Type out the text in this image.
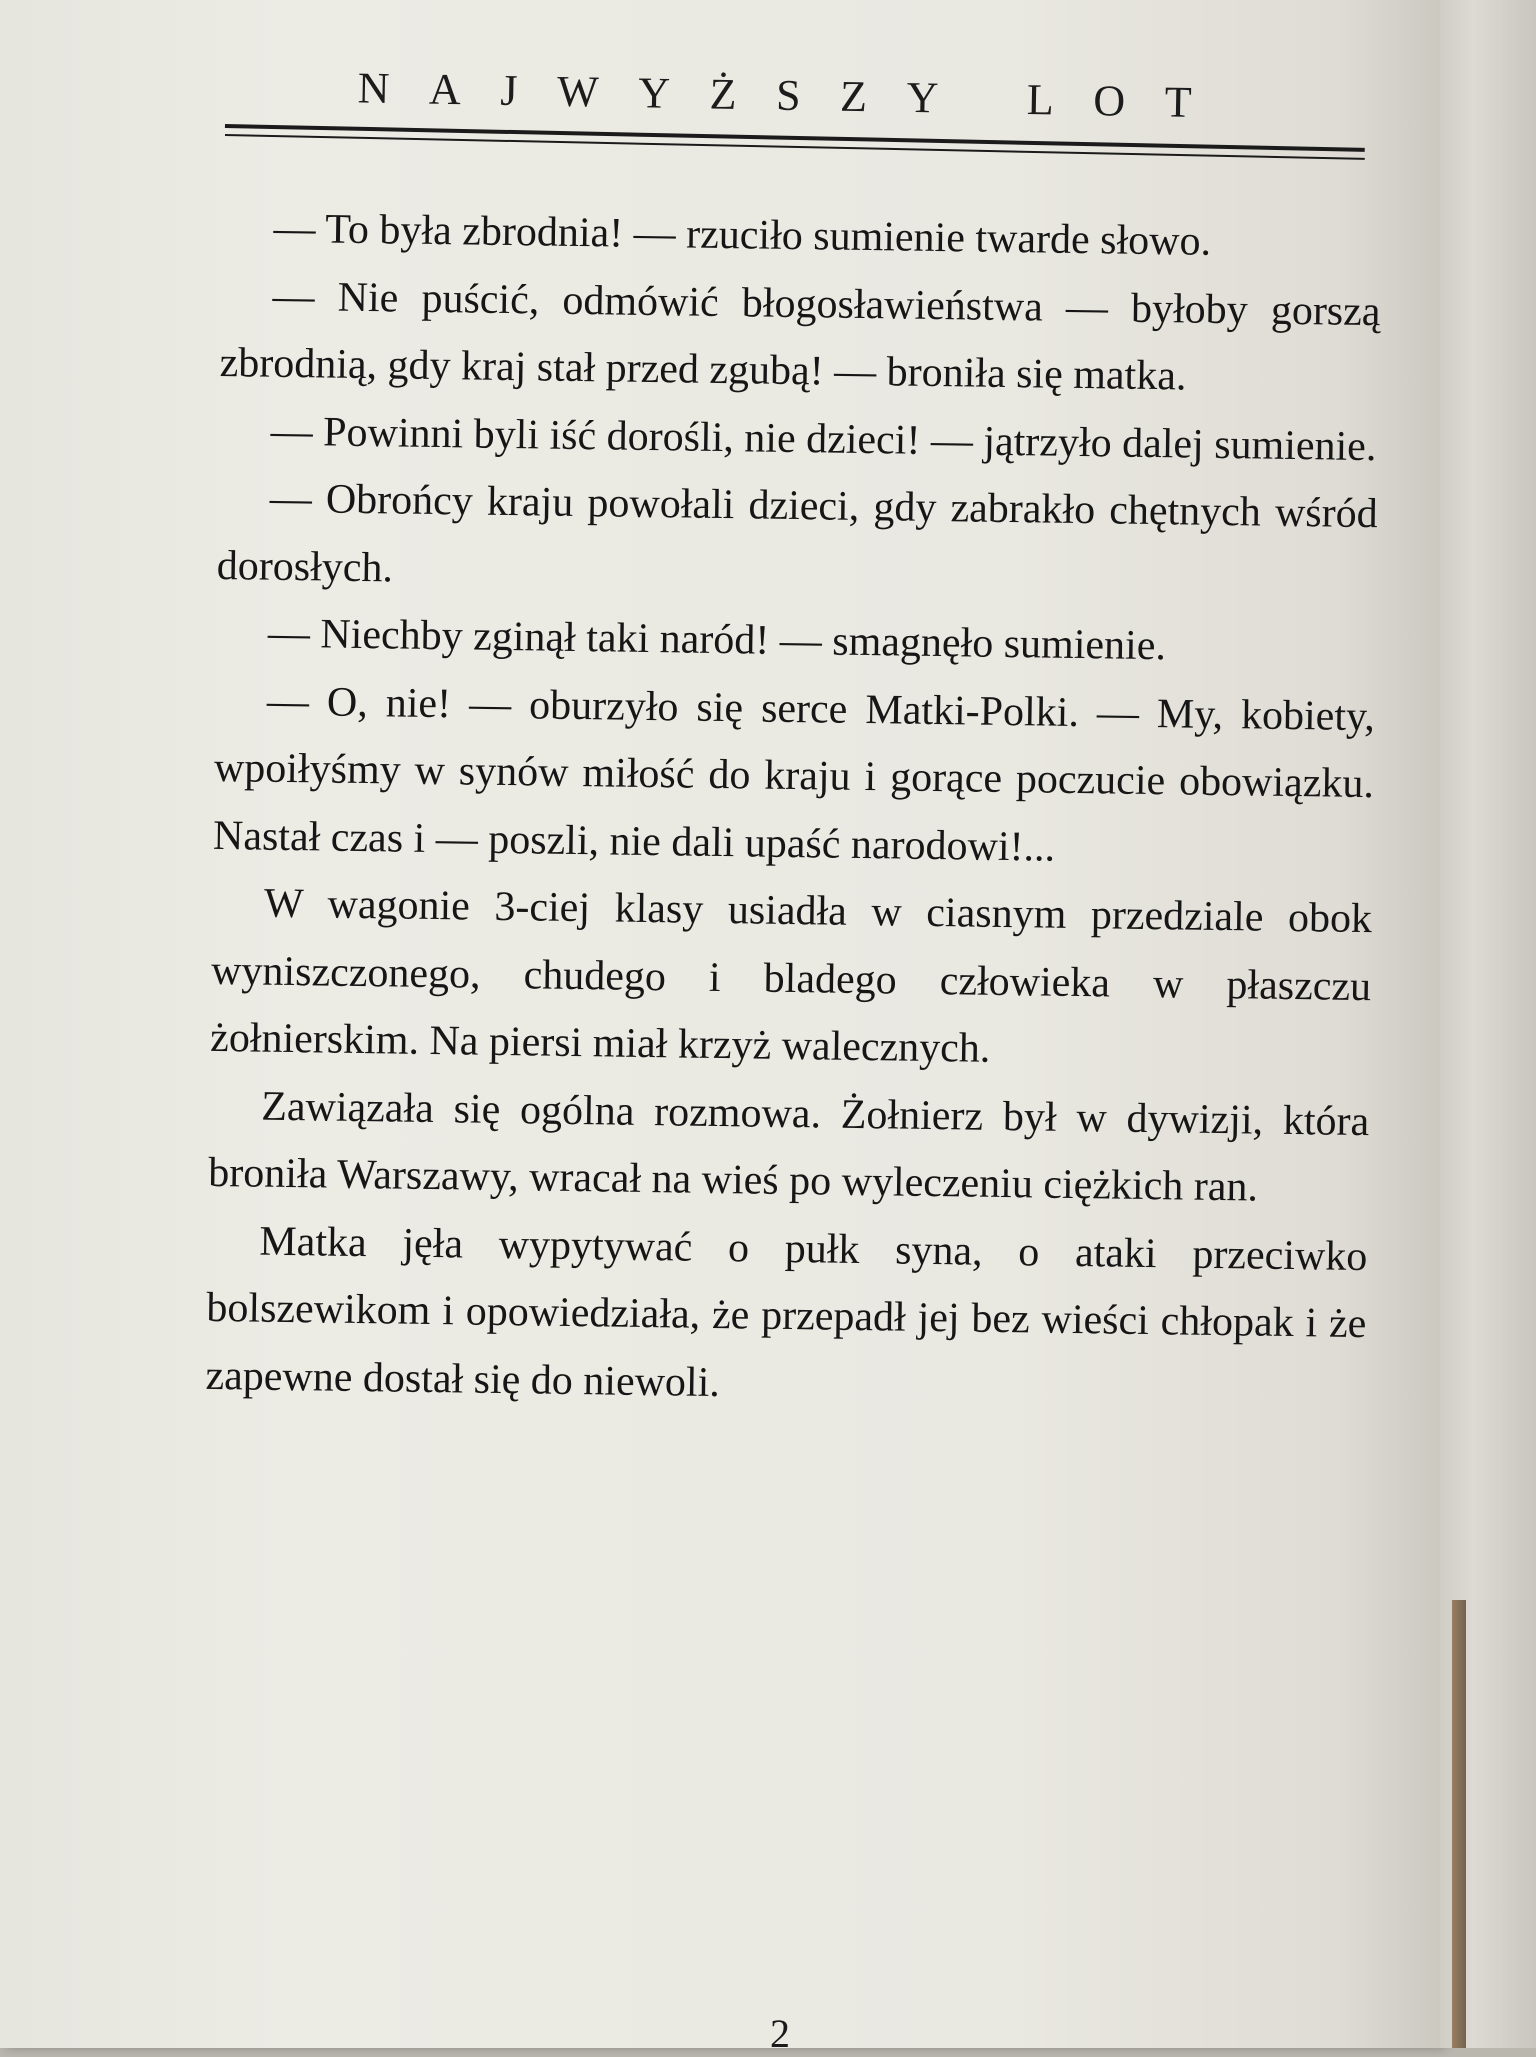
NAJWYŻSZY LOT

— To była zbrodnia! — rzuciło sumienie twarde słowo.

— Nie puścić, odmówić błogosławieństwa — byłoby gorszą zbrodnią, gdy kraj stał przed zgubą! — broniła się matka.

— Powinni byli iść dorośli, nie dzieci! — jątrzyło dalej sumienie.

— Obrońcy kraju powołali dzieci, gdy zabrakło chętnych wśród dorosłych.

— Niechby zginął taki naród! — smagnęło sumienie.

— O, nie! — oburzyło się serce Matki-Polki. — My, kobiety, wpoiłyśmy w synów miłość do kraju i gorące poczucie obowiązku. Nastał czas i — poszli, nie dali upaść narodowi!...

W wagonie 3-ciej klasy usiadła w ciasnym przedziale obok wyniszczonego, chudego i bladego człowieka w płaszczu żołnierskim. Na piersi miał krzyż walecznych.

Zawiązała się ogólna rozmowa. Żołnierz był w dywizji, która broniła Warszawy, wracał na wieś po wyleczeniu ciężkich ran.

Matka jęła wypytywać o pułk syna, o ataki przeciwko bolszewikom i opowiedziała, że przepadł jej bez wieści chłopak i że zapewne dostał się do niewoli.

2
